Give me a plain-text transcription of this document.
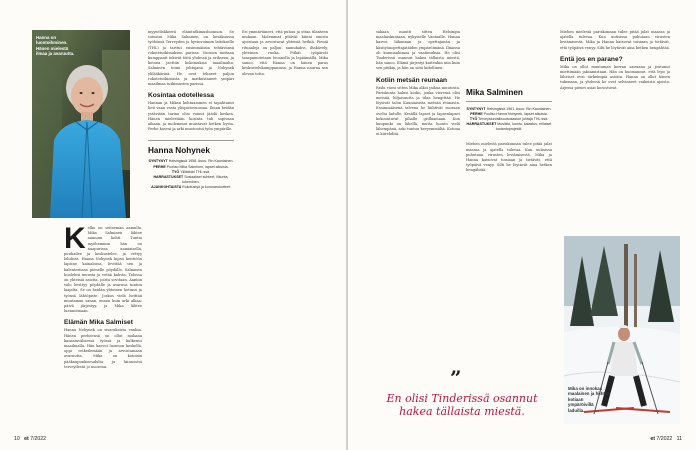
Hanna on luontoihminen. Hänen mielestä ilmaa ja avaruutta.
K elko on seitsemän aamulla. Mika Salminen lähtee aamuun kohti. Tuntia myöhemmin hän on naapurissa aamiaisella, puuhailee ja keskustelee, ja vettyy lehdistä. Hanna Nohynek hipsii keittiöön lapsine kainalossa, levittää sen ja kalenteriinsa pienelle pöydälle. Salminen huolehtii muusta ja vetää kahvin. Talossa on yhteisiä asioita, joista sovitaan. Aamun valo levittyy pöydälle ja avaruus tuntuu laajalta. Se on heidän yhteinen kotinsa ja työnsä lähtöpiste. Joskus vielä heittää muutaman sanan, ennen kuin arki alkaa: päivä järjestyy, ja Mika lähtee luennoimaan.

Elämän Mika Salmiset

Hanna Nohynek on sisaruksista vanhin. Hänen perheensä on ollut mukana kansainvälisessä työssä ja kulkenut maailmalla. Hän kasvoi luonnon keskellä, oppi retkeilemään ja arvostamaan avaruutta. Mika on kotoisin pääkaupunkiseudulta ja kiinnostui terveydestä jo nuorena.

myyseliskkeerä eläintutkimusluonnon. Se tutustui Mika Salminen on kesäkuussa työhönsä Terveyden ja hyvinvoinnin laitokselle (THL) ja tarttui ensimmäisiin tehtäviinsä rokotetutkimuksen parissa. Vuosien mittaan kumppanit tekivät töitä yhdessä ja erikseen, ja kotona jaettiin kokemuksia maailmalta. Salminen toimi johtajana ja Nohynek ylilääkärinä. He ovat tehneet paljon rokotetutkimusta ja matkustaneet ympäri maailmaa tutkimusten parissa.

Kosintaa odotellessa

Hannan ja Mikan kohtaaminen ei tapahtunut heti vaan vasta yliopistovuosina. Ilman heidän ystäviään tarina olisi voinut jäädä kesken. Hänen mielestään kosinta tuli sopivaan aikaan, ja molemmat muistavat hetken hyvin. Perhe kasvoi ja arki muotoutui työn ympärille.

Hanna Nohynek

SYNTYNYT Helsingissä 1958. Asuu: Rin Kauniainen.

PERHE Puoliso Mika Salminen, lapset aikuisia.

TYÖ Ylilääkäri THL:ssä.

HARRASTUKSET Sosiaaliset suhteet, liikunta, lukeminen.

AJANKOHTAISTA Rokotustyö ja koronarokotteet.

Eri ymmärtäneet, että puhuu ja ottaa tilanteen mukaan. Molemmat pitävät kiinni omista ajoistaan ja arvostavat yhteisiä hetkiä. Pieniä rituaaleja on paljon: aamukahvi, iltakävely, yhteinen ruoka. Pitkät työpäivät tasapainotetaan luonnolla ja lepäämällä. Mika sanoo, että Hanna on hänen paras keskustelukumppaninsa, ja Hanna nauraa sen olevan totta.

10 et 7/2022

sakaan muutti sitten Helsingin maalaiskuntaan, nykyiselle Vantaalle. Hanna kasvoi liikunnan ja opettajanän ja käsityönopettajatäiden ympäröimänä. Ilmassa oli kunnianhimoa ja vaatimuksia. He olisi Tinderissä osannut hakea tällaista miestä, hän sanoo. Elämä järjestyi kuitenkin niin kuin sen pitikin, ja hän on siitä kiitollinen.

Kotiin metsän reunaan

Reilu vuosi sitten Mika alkoi puhua muutosta. Pariskunta halusi kodin, jonka vieressä olisi metsää, hiljaisuutta ja tilaa hengittää. He löysivät talon Kauniaisista metsän reunasta. Ensimmäisenä talvena he hiihtivät suoraan ovelta ladulle. Kesällä lapset ja lapsenlapset kokoontuvat pihalle grillaamaan. Kun kaupunki on lähellä, mutta luonto vielä lähempänä, arki tuntuu kevyemmältä. Kotona ei kiirehditä.

Mika Salminen

SYNTYNYT Helsingissä 1961. Asuu: Rin Kauniainen.

PERHE Puoliso Hanna Nohynek, lapset aikuisia.

TYÖ Terveysturvallisuusosaston johtaja THL:ssä.

HARRASTUKSET Musiikki, luonto, kalastus, erilaiset tuotantoprojektit.

Miehen mielestä pariskunnan tulee pitää jalat maassa ja ajatella tulevaa. Kun uutisissa puhutaan virusten leviämisestä, Mika ja Hanna katsovat toisiaan ja tietävät, että työpäivä venyy. Silti he löytävät aina hetken hengähtää.

Miehen mielestä pariskunnan tulee pitää jalat maassa ja ajatella tulevaa. Kun uutisissa puhutaan virusten leviämisestä, Mika ja Hanna katsovat toisiaan ja tietävät, että työpäivä venyy. Silti he löytävät aina hetken hengähtää.

Entä jos en parane?

Mika on ollut muutaman kerran sairaana ja joutunut miettimään jaksamistaan. Hän on huomannut, että lepo ja läheiset ovat tärkeimpiä asioita. Hanna on ollut hänen tukenaan, ja yhdessä he ovat selvinneet vaikeista ajoista. Arjessa pienet asiat korostuvat.

Mika on innokas maalainen ja hiihtää kotiaan ympäröivillä laduilla.
”
En olisi Tinderissä osannut hakea tällaista miestä.
et 7/2022 11
